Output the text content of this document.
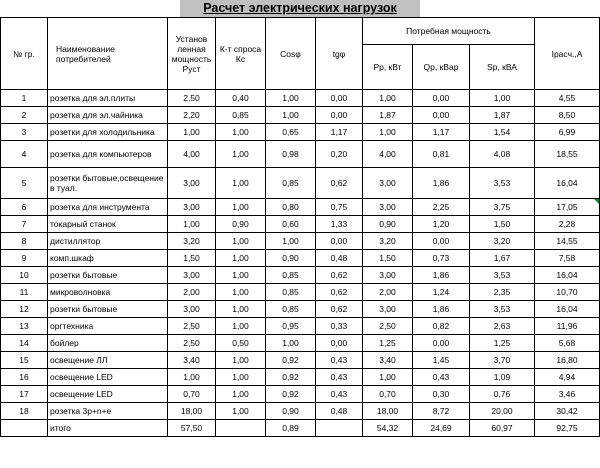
Расчет электрических нагрузок
№ гр.	Наименование потребителей	Установ ленная мощность Руст	К-т спроса Кс	Cosφ	tgφ	Потребная мощность			Iрасч.,А
						Рр, кВт	Qр, кВар	Sр, кВА	
1	розетка для эл.плиты	2,50	0,40	1,00	0,00	1,00	0,00	1,00	4,55
2	розетка для эл.чайника	2,20	0,85	1,00	0,00	1,87	0,00	1,87	8,50
3	розетки для холодильника	1,00	1,00	0,65	1,17	1,00	1,17	1,54	6,99
4	розетка для компьютеров	4,00	1,00	0,98	0,20	4,00	0,81	4,08	18,55
5	розетки бытовые,освещение в туал.	3,00	1,00	0,85	0,62	3,00	1,86	3,53	16,04
6	розетка для инструмента	3,00	1,00	0,80	0,75	3,00	2,25	3,75	17,05

7	токарный станок	1,00	0,90	0,60	1,33	0,90	1,20	1,50	2,28
8	дистиллятор	3,20	1,00	1,00	0,00	3,20	0,00	3,20	14,55
9	комп.шкаф	1,50	1,00	0,90	0,48	1,50	0,73	1,67	7,58
10	розетки бытовые	3,00	1,00	0,85	0,62	3,00	1,86	3,53	16,04
11	микроволновка	2,00	1,00	0,85	0,62	2,00	1,24	2,35	10,70
12	розетки бытовые	3,00	1,00	0,85	0,62	3,00	1,86	3,53	16,04
13	оргтехника	2,50	1,00	0,95	0,33	2,50	0,82	2,63	11,96
14	бойлер	2,50	0,50	1,00	0,00	1,25	0,00	1,25	5,68
15	освещение ЛЛ	3,40	1,00	0,92	0,43	3,40	1,45	3,70	16,80
16	освещение LED	1,00	1,00	0,92	0,43	1,00	0,43	1,09	4,94
17	освещение LED	0,70	1,00	0,92	0,43	0,70	0,30	0,76	3,46
18	розетка 3р+n+е	18,00	1,00	0,90	0,48	18,00	8,72	20,00	30,42
	итого	57,50		0,89		54,32	24,69	60,97	92,75
